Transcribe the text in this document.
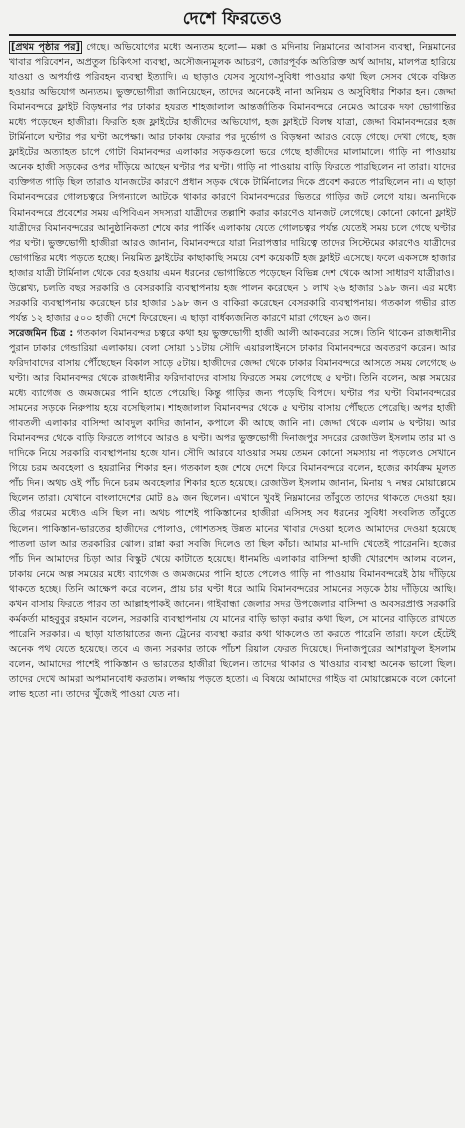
দেশে ফিরতেও

[প্রথম পৃষ্ঠার পর] গেছে। অভিযোগের মধ্যে অন্যতম হলো— মক্কা ও মদিনায় নিম্নমানের আবাসন ব্যবস্থা, নিম্নমানের খাবার পরিবেশন, অপ্রতুল চিকিৎসা ব্যবস্থা, অসৌজন্যমূলক আচরণ, জোরপূর্বক অতিরিক্ত অর্থ আদায়, মালপত্র হারিয়ে যাওয়া ও অপর্যাপ্ত পরিবহন ব্যবস্থা ইত্যাদি। এ ছাড়াও যেসব সুযোগ-সুবিধা পাওয়ার কথা ছিল সেসব থেকে বঞ্চিত হওয়ার অভিযোগ অন্যতম। ভুক্তভোগীরা জানিয়েছেন, তাদের অনেকেই নানা অনিয়ম ও অসুবিধার শিকার হন। জেদ্দা বিমানবন্দরে ফ্লাইট বিড়ম্বনার পর ঢাকার হযরত শাহজালাল আন্তর্জাতিক বিমানবন্দরে নেমেও আরেক দফা ভোগান্তির মধ্যে পড়েছেন হাজীরা। ফিরতি হজ ফ্লাইটের হাজীদের অভিযোগ, হজ ফ্লাইটে বিলম্ব যাত্রা, জেদ্দা বিমানবন্দরের হজ টার্মিনালে ঘণ্টার পর ঘণ্টা অপেক্ষা। আর ঢাকায় ফেরার পর দুর্ভোগ ও বিড়ম্বনা আরও বেড়ে গেছে। দেখা গেছে, হজ ফ্লাইটের অত্যাহত চাপে গোটা বিমানবন্দর এলাকার সড়কগুলো ভরে গেছে হাজীদের মালামালে। গাড়ি না পাওয়ায় অনেক হাজী সড়কের ওপর দাঁড়িয়ে আছেন ঘণ্টার পর ঘণ্টা। গাড়ি না পাওয়ায় বাড়ি ফিরতে পারছিলেন না তারা। যাদের ব্যক্তিগত গাড়ি ছিল তারাও যানজটের কারণে প্রধান সড়ক থেকে টার্মিনালের দিকে প্রবেশ করতে পারছিলেন না। এ ছাড়া বিমানবন্দরের গোলচত্বরে সিগন্যালে আটকে থাকার কারণে বিমানবন্দরের ভিতরে গাড়ির জট লেগে যায়। অন্যদিকে বিমানবন্দরে প্রবেশের সময় এপিবিএন সদস্যরা যাত্রীদের তল্লাশি করার কারণেও যানজট লেগেছে। কোনো কোনো ফ্লাইট যাত্রীদের বিমানবন্দরের আনুষ্ঠানিকতা শেষে কার পার্কিং এলাকায় যেতে গোলচত্বর পর্যন্ত যেতেই সময় চলে গেছে ঘণ্টার পর ঘণ্টা। ভুক্তভোগী হাজীরা আরও জানান, বিমানবন্দরে যারা নিরাপত্তার দায়িত্বে তাদের সিস্টেমের কারণেও যাত্রীদের ভোগান্তির মধ্যে পড়তে হচ্ছে। নিয়মিত ফ্লাইটের কাছাকাছি সময়ে বেশ কয়েকটি হজ ফ্লাইট এসেছে। ফলে একসঙ্গে হাজার হাজার যাত্রী টার্মিনাল থেকে বের হওয়ায় এমন ধরনের ভোগান্তিতে পড়েছেন বিভিন্ন দেশ থেকে আসা সাধারণ যাত্রীরাও।

উল্লেখ্য, চলতি বছর সরকারি ও বেসরকারি ব্যবস্থাপনায় হজ পালন করেছেন ১ লাখ ২৬ হাজার ১৯৮ জন। এর মধ্যে সরকারি ব্যবস্থাপনায় করেছেন চার হাজার ১৯৮ জন ও বাকিরা করেছেন বেসরকারি ব্যবস্থাপনায়। গতকাল গভীর রাত পর্যন্ত ১২ হাজার ৫০০ হাজী দেশে ফিরেছেন। এ ছাড়া বার্ধক্যজনিত কারণে মারা গেছেন ৯৩ জন।

সরেজমিন চিত্র : গতকাল বিমানবন্দর চত্বরে কথা হয় ভুক্তভোগী হাজী আলী আকবরের সঙ্গে। তিনি থাকেন রাজধানীর পুরান ঢাকার গেন্ডারিয়া এলাকায়। বেলা সোয়া ১১টায় সৌদি এয়ারলাইনসে ঢাকার বিমানবন্দরে অবতরণ করেন। আর ফরিদাবাদের বাসায় পৌঁছেছেন বিকাল সাড়ে ৫টায়। হাজীদের জেদ্দা থেকে ঢাকার বিমানবন্দরে আসতে সময় লেগেছে ৬ ঘণ্টা। আর বিমানবন্দর থেকে রাজধানীর ফরিদাবাদের বাসায় ফিরতে সময় লেগেছে ৫ ঘণ্টা। তিনি বলেন, অল্প সময়ের মধ্যে ব্যাগেজ ও জমজমের পানি হাতে পেয়েছি। কিন্তু গাড়ির জন্য পড়েছি বিপদে। ঘণ্টার পর ঘণ্টা বিমানবন্দরের সামনের সড়কে নিরুপায় হয়ে বসেছিলাম। শাহজালাল বিমানবন্দর থেকে ৫ ঘণ্টায় বাসায় পৌঁছতে পেরেছি। অপর হাজী গাবতলী এলাকার বাসিন্দা আবদুল কাদির জানান, কপালে কী আছে জানি না। জেদ্দা থেকে এলাম ৬ ঘণ্টায়। আর বিমানবন্দর থেকে বাড়ি ফিরতে লাগবে আরও ৪ ঘণ্টা। অপর ভুক্তভোগী দিনাজপুর সদরের রেজাউল ইসলাম তার মা ও দাদিকে নিয়ে সরকারি ব্যবস্থাপনায় হজে যান। সৌদি আরবে যাওয়ার সময় তেমন কোনো সমস্যায় না পড়লেও সেখানে গিয়ে চরম অবহেলা ও হয়রানির শিকার হন। গতকাল হজ শেষে দেশে ফিরে বিমানবন্দরে বলেন, হজের কার্যক্রম মূলত পাঁচ দিন। অথচ ওই পাঁচ দিনে চরম অবহেলার শিকার হতে হয়েছে। রেজাউল ইসলাম জানান, মিনায় ৭ নম্বর মোয়াল্লেমে ছিলেন তারা। যেখানে বাংলাদেশের মোট ৪৯ জন ছিলেন। এখানে খুবই নিম্নমানের তাঁবুতে তাদের থাকতে দেওয়া হয়। তীব্র গরমের মধ্যেও এসি ছিল না। অথচ পাশেই পাকিস্তানের হাজীরা এসিসহ সব ধরনের সুবিধা সংবলিত তাঁবুতে ছিলেন। পাকিস্তান-ভারতের হাজীদের পোলাও, গোশতসহ উন্নত মানের খাবার দেওয়া হলেও আমাদের দেওয়া হয়েছে পাতলা ডাল আর তরকারির ঝোল। রান্না করা সবজি দিলেও তা ছিল কাঁচা। আমার মা-দাদি খেতেই পারেননি। হজের পাঁচ দিন আমাদের চিড়া আর বিস্কুট খেয়ে কাটাতে হয়েছে। ধানমন্ডি এলাকার বাসিন্দা হাজী খোরশেদ আলম বলেন, ঢাকায় নেমে অল্প সময়ের মধ্যে ব্যাগেজ ও জমজমের পানি হাতে পেলেও গাড়ি না পাওয়ায় বিমানবন্দরেই ঠায় দাঁড়িয়ে থাকতে হচ্ছে। তিনি আক্ষেপ করে বলেন, প্রায় চার ঘণ্টা ধরে আমি বিমানবন্দরের সামনের সড়কে ঠায় দাঁড়িয়ে আছি। কখন বাসায় ফিরতে পারব তা আল্লাহপাকই জানেন। গাইবান্ধা জেলার সদর উপজেলার বাসিন্দা ও অবসরপ্রাপ্ত সরকারি কর্মকর্তা মাহবুবুর রহমান বলেন, সরকারি ব্যবস্থাপনায় যে মানের বাড়ি ভাড়া করার কথা ছিল, সে মানের বাড়িতে রাখতে পারেনি সরকার। এ ছাড়া যাতায়াতের জন্য ট্রেনের ব্যবস্থা করার কথা থাকলেও তা করতে পারেনি তারা। ফলে হেঁটেই অনেক পথ যেতে হয়েছে। তবে এ জন্য সরকার তাকে পাঁচশ রিয়াল ফেরত দিয়েছে। দিনাজপুরের আশরাফুল ইসলাম বলেন, আমাদের পাশেই পাকিস্তান ও ভারতের হাজীরা ছিলেন। তাদের থাকার ও খাওয়ার ব্যবস্থা অনেক ভালো ছিল। তাদের দেখে আমরা অপমানবোধ করতাম। লজ্জায় পড়তে হতো। এ বিষয়ে আমাদের গাইড বা মোয়াল্লেমকে বলে কোনো লাভ হতো না। তাদের খুঁজেই পাওয়া যেত না।
